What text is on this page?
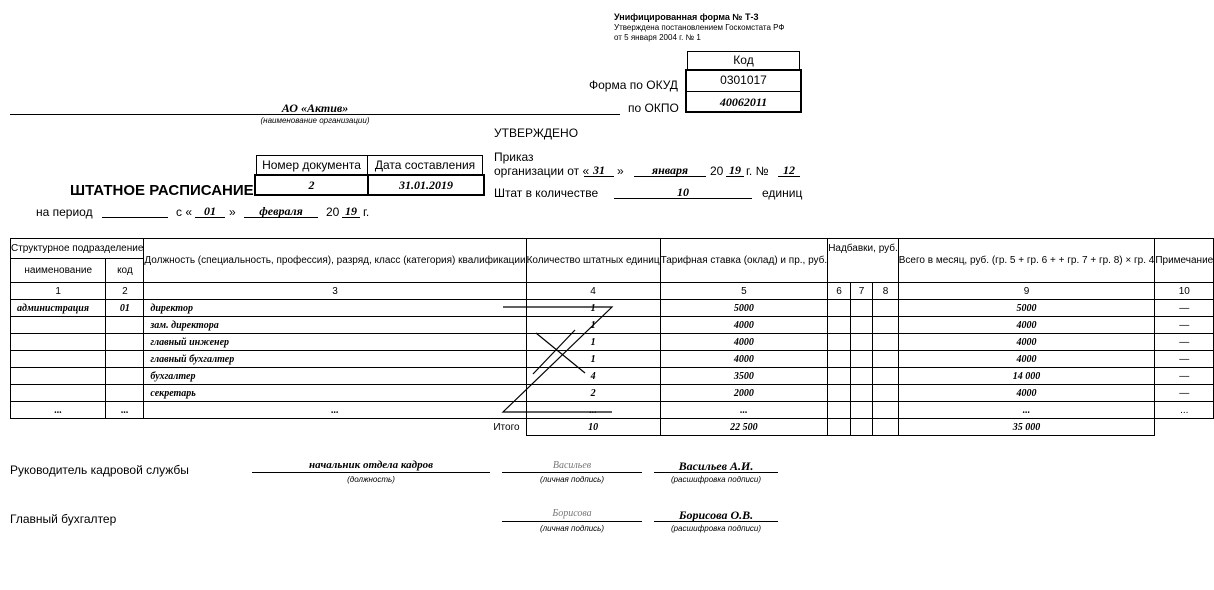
Унифицированная форма № Т-3
Утверждена постановлением Госкомстата РФ
от 5 января 2004 г. № 1
Код
0301017
40062011
Форма по ОКУД
по ОКПО
АО «Актив»
(наименование организации)
УТВЕРЖДЕНО
Приказ
организации от « 31	»	января	20 19 г. №	12
Штат в количестве	10	единиц
Номер документа	Дата составления
2	31.01.2019
ШТАТНОЕ РАСПИСАНИЕ
на период	с « 01	»	февраля	20 19 г.
Структурное подразделение		Должность (специальность, профессия), разряд, класс (категория) квалификации	Количество штатных единиц	Тарифная ставка (оклад) и пр., руб.	Надбавки, руб.			Всего в месяц, руб. (гр. 5 + гр. 6 + + гр. 7 + гр. 8) × гр. 4	Примечание
наименование	код								
1	2	3	4	5	6	7	8	9	10
администрация	01	директор	1	5000				5000	—
		зам. директора	1	4000				4000	—
		главный инженер	1	4000				4000	—
		главный бухгалтер	1	4000				4000	—
		бухгалтер	4	3500				14 000	—
		секретарь	2	2000				4000	—
...	...	...	...	...				...	...
Итого			10	22 500				35 000	
Руководитель кадровой службы	начальник отдела кадров
(должность)
Васильев
(личная подпись)
Васильев А.И.
(расшифровка подписи)
Главный бухгалтер	Борисова
(личная подпись)
Борисова О.В.
(расшифровка подписи)
